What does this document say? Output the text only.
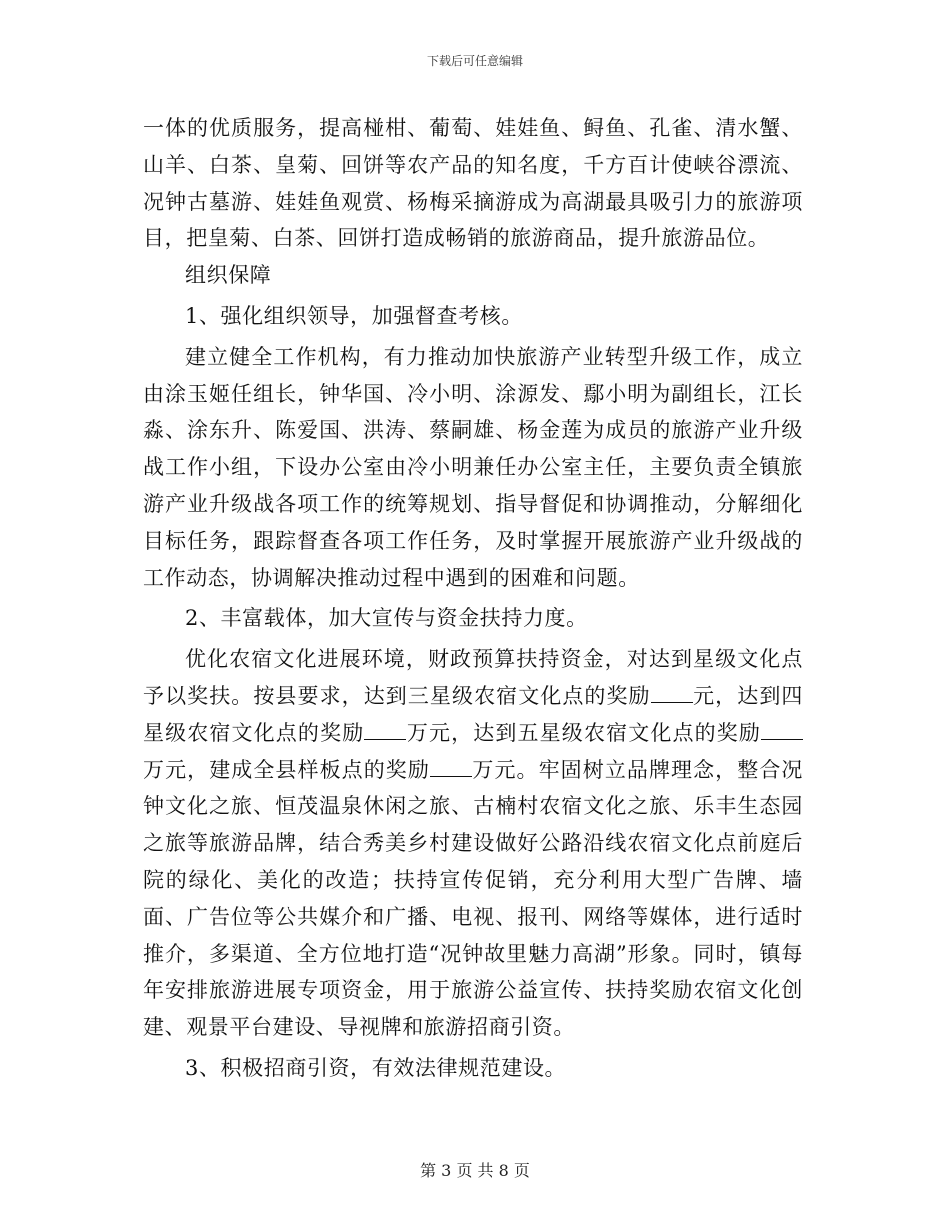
下载后可任意编辑

一体的优质服务，提高椪柑、葡萄、娃娃鱼、鲟鱼、孔雀、清水蟹、山羊、白茶、皇菊、回饼等农产品的知名度，千方百计使峡谷漂流、况钟古墓游、娃娃鱼观赏、杨梅采摘游成为高湖最具吸引力的旅游项目，把皇菊、白茶、回饼打造成畅销的旅游商品，提升旅游品位。

组织保障

1、强化组织领导，加强督查考核。

建立健全工作机构，有力推动加快旅游产业转型升级工作，成立由涂玉姬任组长，钟华国、冷小明、涂源发、鄢小明为副组长，江长淼、涂东升、陈爱国、洪涛、蔡嗣雄、杨金莲为成员的旅游产业升级战工作小组，下设办公室由冷小明兼任办公室主任，主要负责全镇旅游产业升级战各项工作的统筹规划、指导督促和协调推动，分解细化目标任务，跟踪督查各项工作任务，及时掌握开展旅游产业升级战的工作动态，协调解决推动过程中遇到的困难和问题。

2、丰富载体，加大宣传与资金扶持力度。

优化农宿文化进展环境，财政预算扶持资金，对达到星级文化点予以奖扶。按县要求，达到三星级农宿文化点的奖励 元，达到四星级农宿文化点的奖励 万元，达到五星级农宿文化点的奖励万元，建成全县样板点的奖励 万元。牢固树立品牌理念，整合况钟文化之旅、恒茂温泉休闲之旅、古楠村农宿文化之旅、乐丰生态园之旅等旅游品牌，结合秀美乡村建设做好公路沿线农宿文化点前庭后院的绿化、美化的改造；扶持宣传促销，充分利用大型广告牌、墙面、广告位等公共媒介和广播、电视、报刊、网络等媒体，进行适时推介，多渠道、全方位地打造“况钟故里魅力高湖”形象。同时，镇每年安排旅游进展专项资金，用于旅游公益宣传、扶持奖励农宿文化创建、观景平台建设、导视牌和旅游招商引资。

3、积极招商引资，有效法律规范建设。

第 3 页 共 8 页
